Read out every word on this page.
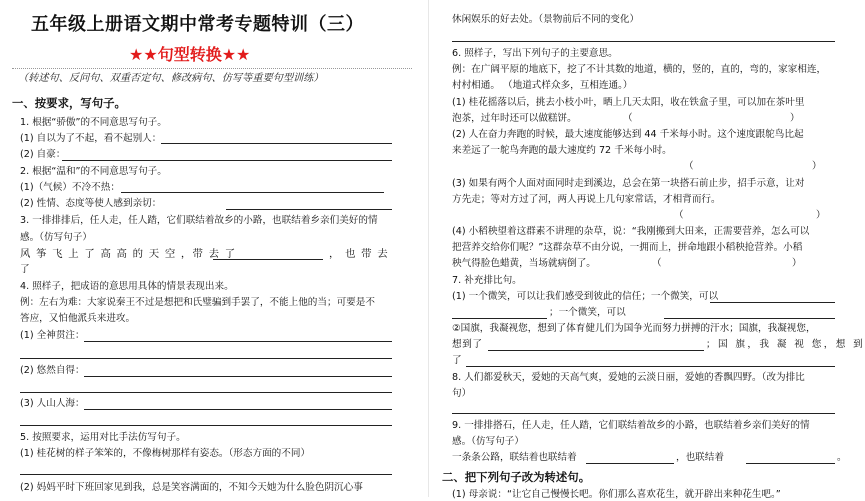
五年级上册语文期中常考专题特训（三）
★★句型转换★★
（转述句、反问句、双重否定句、修改病句、仿写等重要句型训练）
一、按要求，写句子。
1. 根据“骄傲”的不同意思写句子。
(1) 自以为了不起，看不起别人：
(2) 自豪：
2. 根据“温和”的不同意思写句子。
(1)（气候）不冷不热：
(2) 性情、态度等使人感到亲切：
3. 一排排排后，任人走，任人踏，它们联结着故乡的小路，也联结着乡亲们美好的情
感。（仿写句子）
风 筝 飞 上 了 高 高 的 天 空 ，带 去 了	， 也 带 去
了
4. 照样子，把成语的意思用具体的情景表现出来。
例：左右为难：大家说秦王不过是想把和氏璧骗到手罢了，不能上他的当；可要是不
答应，又怕他派兵来进攻。
(1) 全神贯注：
(2) 悠然自得：
(3) 人山人海：
5. 按照要求，运用对比手法仿写句子。
(1) 桂花树的样子笨笨的，不像梅树那样有姿态。（形态方面的不同）
(2) 妈妈平时下班回家见到我，总是笑容满面的，不知今天她为什么脸色阴沉心事
休闲娱乐的好去处。（景物前后不同的变化）
6. 照样子，写出下列句子的主要意思。
例：在广阔平原的地底下，挖了不计其数的地道，横的，竖的，直的，弯的，家家相连，
村村相通。 （地道式样众多，互相连通。）
(1) 桂花摇落以后，挑去小枝小叶，晒上几天太阳，收在铁盒子里，可以加在茶叶里
泡茶，过年时还可以做糕饼。	（	）
(2) 人在奋力奔跑的时候，最大速度能够达到 44 千米每小时。这个速度跟鸵鸟比起
来差远了一鸵鸟奔跑的最大速度约 72 千米每小时。
（	）
(3) 如果有两个人面对面同时走到溪边，总会在第一块搭石前止步，招手示意，让对
方先走；等对方过了河，两人再说上几句家常话，才相背而行。
（	）
(4) 小稻秧望着这群素不讲理的杂草，说：“我刚搬到大田来，正需要营养，怎么可以
把营养交给你们呢？”这群杂草不由分说，一拥而上，拼命地跟小稻秧抢营养。小稻
秧气得脸色蜡黄，当场就病倒了。	（	）
7. 补充排比句。
(1) 一个微笑，可以让我们感受到彼此的信任；一个微笑，可以
；一个微笑，可以
②国旗，我凝视您，想到了体育健儿们为国争光而努力拼搏的汗水；国旗，我凝视您，
想到了	；国 旗，我 凝 视 您，想 到
了
8. 人们都爱秋天，爱她的天高气爽，爱她的云淡日丽，爱她的香飘四野。（改为排比
句）
9. 一排排搭石，任人走，任人踏，它们联结着故乡的小路，也联结着乡亲们美好的情
感。（仿写句子）
一条条公路，联结着也联结着	，也联结着	。
二、把下列句子改为转述句。
(1) 母亲说：“让它自己慢慢长吧。你们那么喜欢花生，就开辟出来种花生吧。”
